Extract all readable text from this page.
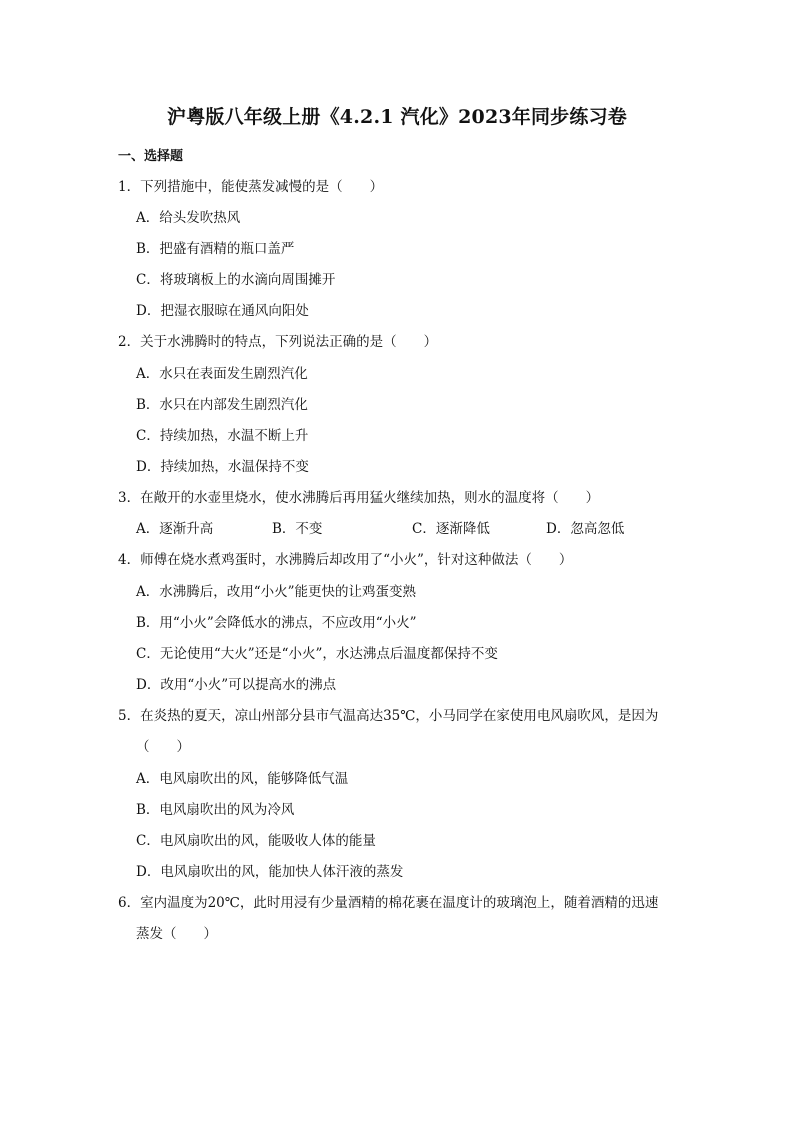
沪粤版八年级上册《4.2.1 汽化》2023年同步练习卷
一、选择题
1．下列措施中，能使蒸发减慢的是（　　）
A．给头发吹热风
B．把盛有酒精的瓶口盖严
C．将玻璃板上的水滴向周围摊开
D．把湿衣服晾在通风向阳处
2．关于水沸腾时的特点，下列说法正确的是（　　）
A．水只在表面发生剧烈汽化
B．水只在内部发生剧烈汽化
C．持续加热，水温不断上升
D．持续加热，水温保持不变
3．在敞开的水壶里烧水，使水沸腾后再用猛火继续加热，则水的温度将（　　）
A．逐渐升高	B．不变	C．逐渐降低	D．忽高忽低
4．师傅在烧水煮鸡蛋时，水沸腾后却改用了“小火”，针对这种做法（　　）
A．水沸腾后，改用“小火”能更快的让鸡蛋变熟
B．用“小火”会降低水的沸点，不应改用“小火”
C．无论使用“大火”还是“小火”，水达沸点后温度都保持不变
D．改用“小火”可以提高水的沸点
5．在炎热的夏天，凉山州部分县市气温高达35℃，小马同学在家使用电风扇吹风，是因为
（　　）
A．电风扇吹出的风，能够降低气温
B．电风扇吹出的风为冷风
C．电风扇吹出的风，能吸收人体的能量
D．电风扇吹出的风，能加快人体汗液的蒸发
6．室内温度为20℃，此时用浸有少量酒精的棉花裹在温度计的玻璃泡上，随着酒精的迅速
蒸发（　　）
